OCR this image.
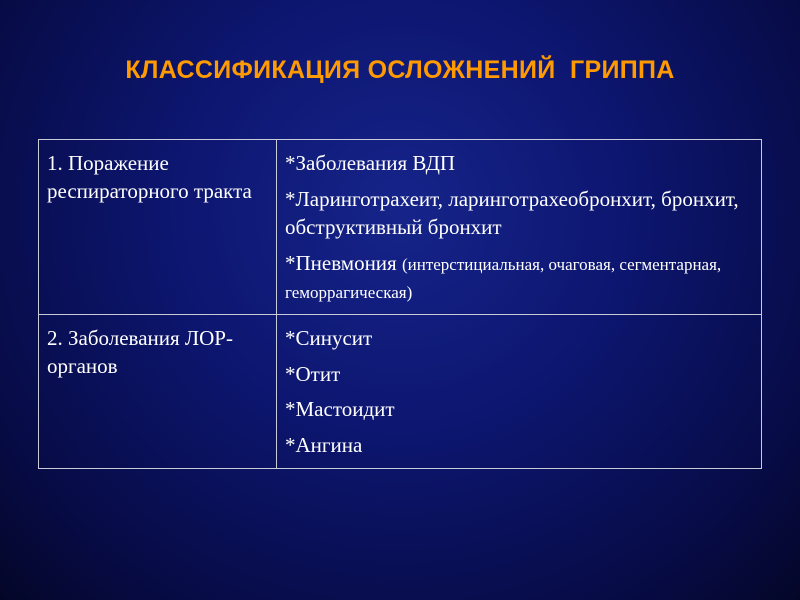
КЛАССИФИКАЦИЯ ОСЛОЖНЕНИЙ  ГРИППА
1. Поражение респираторного тракта	*Заболевания ВДП
*Ларинготрахеит, ларинготрахеобронхит, бронхит, обструктивный бронхит
*Пневмония (интерстициальная, очаговая, сегментарная, геморрагическая)

2. Заболевания ЛОР-органов	*Синусит
*Отит
*Мастоидит
*Ангина
